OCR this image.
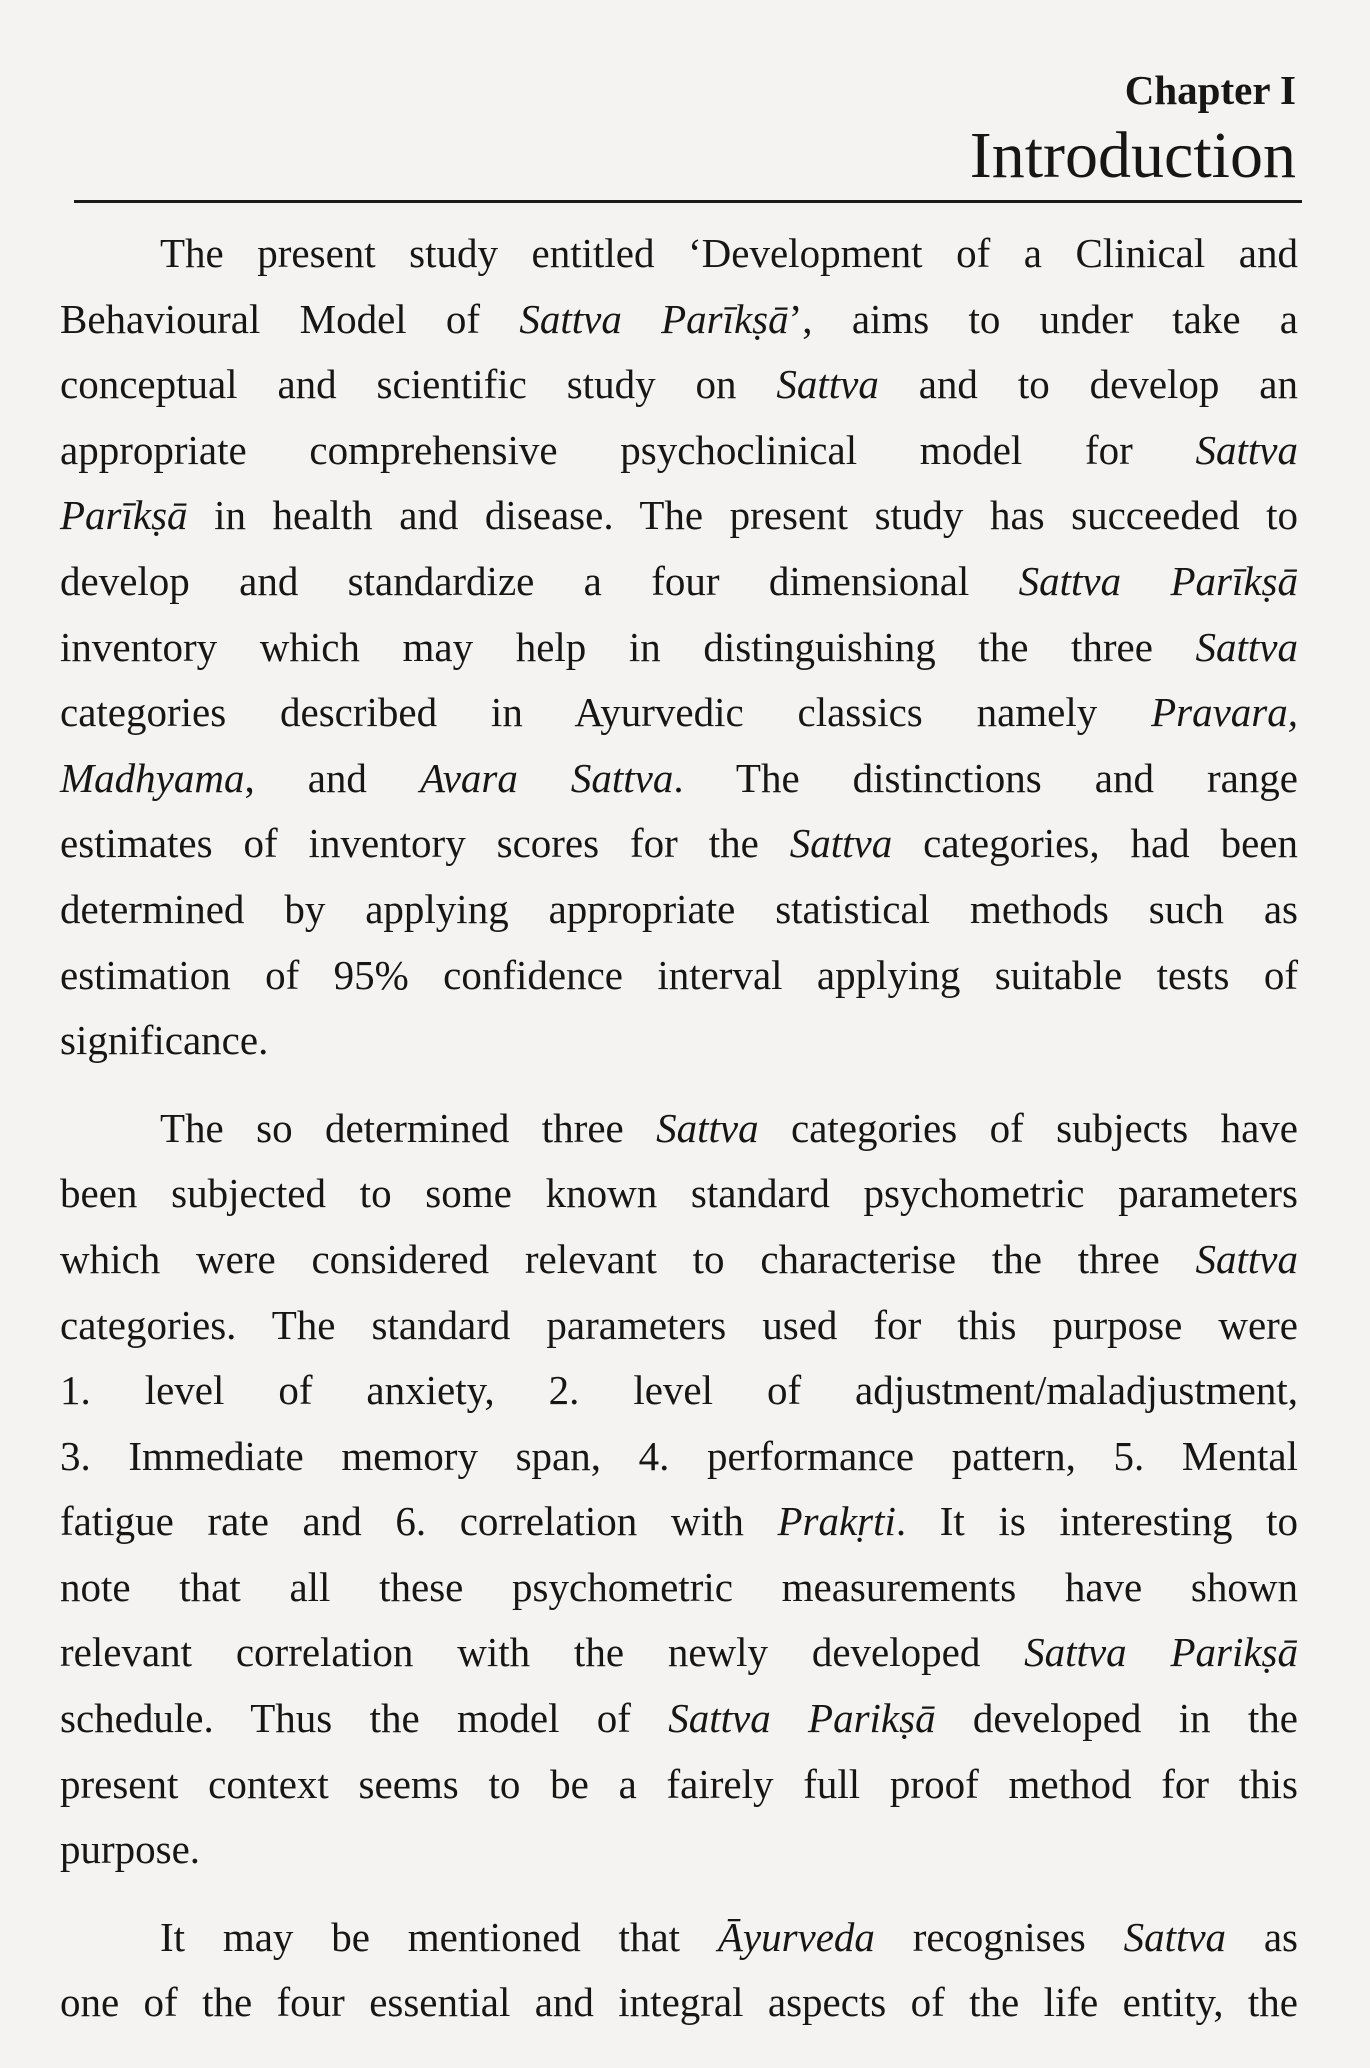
Chapter I
Introduction
The present study entitled ‘Development of a Clinical and
Behavioural Model of Sattva Parīkṣā’, aims to under take a
conceptual and scientific study on Sattva and to develop an
appropriate comprehensive psychoclinical model for Sattva
Parīkṣā in health and disease. The present study has succeeded to
develop and standardize a four dimensional Sattva Parīkṣā
inventory which may help in distinguishing the three Sattva
categories described in Ayurvedic classics namely Pravara,
Madhyama, and Avara Sattva. The distinctions and range
estimates of inventory scores for the Sattva categories, had been
determined by applying appropriate statistical methods such as
estimation of 95% confidence interval applying suitable tests of
significance.
The so determined three Sattva categories of subjects have
been subjected to some known standard psychometric parameters
which were considered relevant to characterise the three Sattva
categories. The standard parameters used for this purpose were
1. level of anxiety, 2. level of adjustment/maladjustment,
3. Immediate memory span, 4. performance pattern, 5. Mental
fatigue rate and 6. correlation with Prakṛti. It is interesting to
note that all these psychometric measurements have shown
relevant correlation with the newly developed Sattva Parikṣā
schedule. Thus the model of Sattva Parikṣā developed in the
present context seems to be a fairely full proof method for this
purpose.
It may be mentioned that Āyurveda recognises Sattva as
one of the four essential and integral aspects of the life entity, the
